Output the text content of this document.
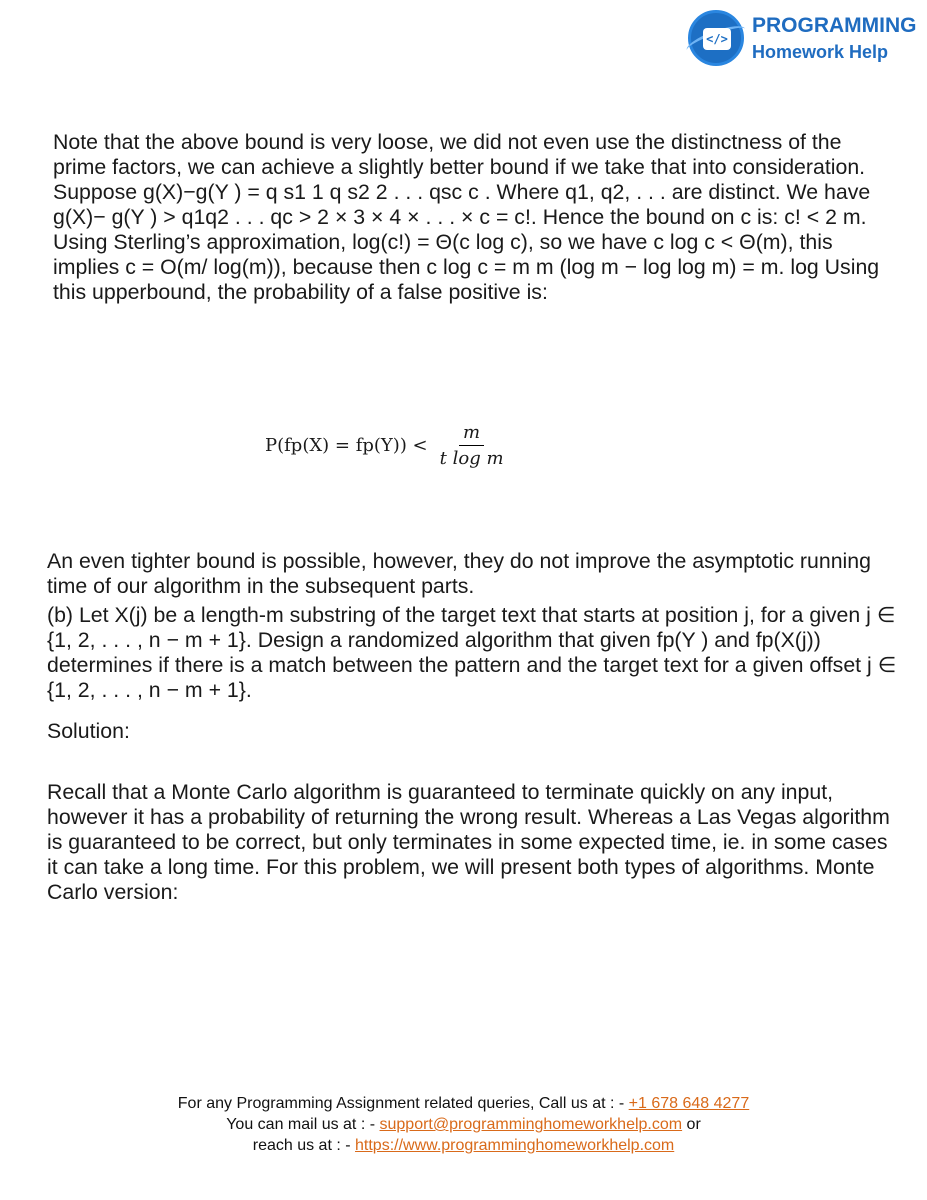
</>
PROGRAMMING
Homework Help

Note that the above bound is very loose, we did not even use the distinctness of the prime factors, we can achieve a slightly better bound if we take that into consideration. Suppose g(X)−g(Y ) = q s1 1 q s2 2 . . . qsc c . Where q1, q2, . . . are distinct. We have g(X)− g(Y ) > q1q2 . . . qc > 2 × 3 × 4 × . . . × c = c!. Hence the bound on c is: c! < 2 m. Using Sterling’s approximation, log(c!) = Θ(c log c), so we have c log c < Θ(m), this implies c = O(m/ log(m)), because then c log c = m m (log m − log log m) = m. log Using this upperbound, the probability of a false positive is:

$P(fp(X) = fp(Y)) < \frac{m}{\text{t log m}}$

An even tighter bound is possible, however, they do not improve the asymptotic running time of our algorithm in the subsequent parts.

(b) Let X(j) be a length-m substring of the target text that starts at position j, for a given j ∈ {1, 2, . . . , n − m + 1}. Design a randomized algorithm that given fp(Y ) and fp(X(j)) determines if there is a match between the pattern and the target text for a given offset j ∈ {1, 2, . . . , n − m + 1}.

Solution:

Recall that a Monte Carlo algorithm is guaranteed to terminate quickly on any input, however it has a probability of returning the wrong result. Whereas a Las Vegas algorithm is guaranteed to be correct, but only terminates in some expected time, ie. in some cases it can take a long time. For this problem, we will present both types of algorithms. Monte Carlo version:

For any Programming Assignment related queries, Call us at : - +1 678 648 4277
You can mail us at : - support@programminghomeworkhelp.com or
reach us at : - https://www.programminghomeworkhelp.com
